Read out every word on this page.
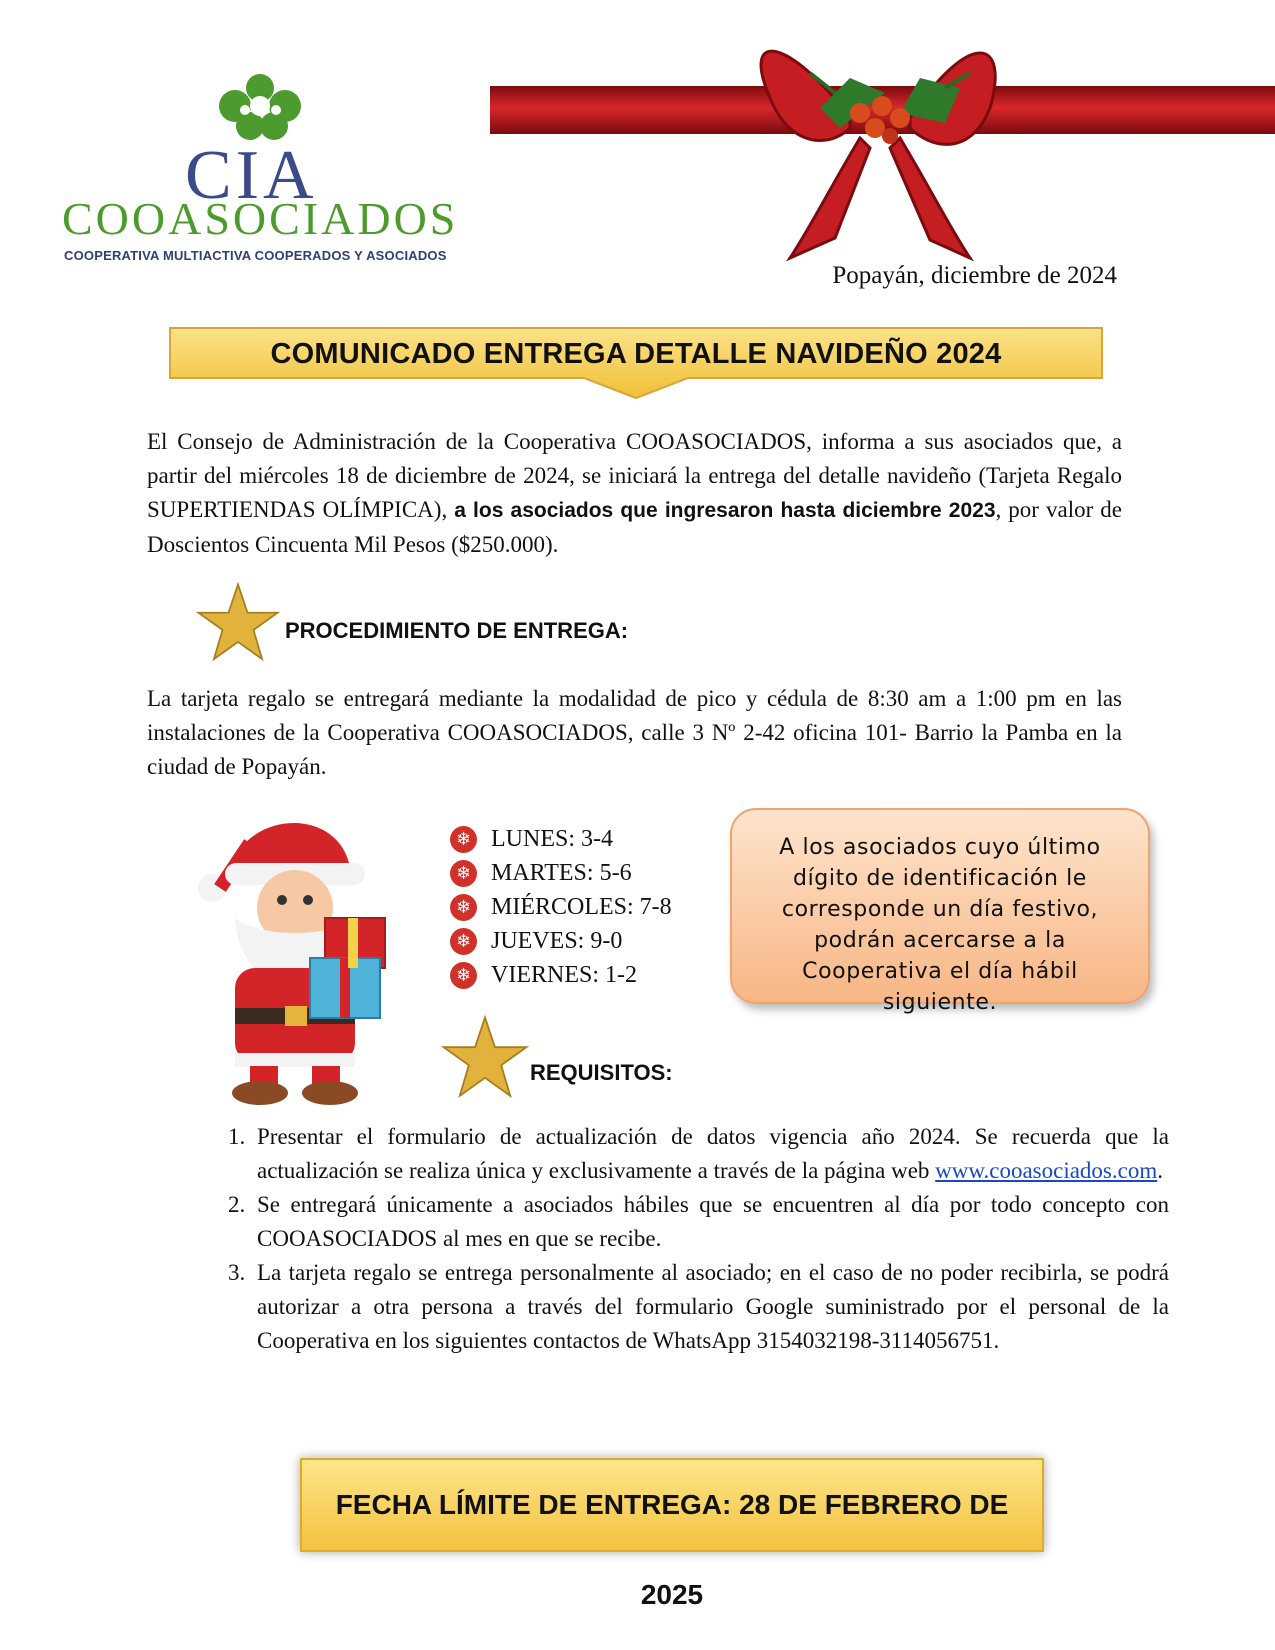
CIA
COOASOCIADOS
COOPERATIVA MULTIACTIVA COOPERADOS Y ASOCIADOS
Popayán, diciembre de 2024
COMUNICADO ENTREGA DETALLE NAVIDEÑO 2024
El Consejo de Administración de la Cooperativa COOASOCIADOS, informa a sus asociados que, a partir del miércoles 18 de diciembre de 2024, se iniciará la entrega del detalle navideño (Tarjeta Regalo SUPERTIENDAS OLÍMPICA), a los asociados que ingresaron hasta diciembre 2023, por valor de Doscientos Cincuenta Mil Pesos ($250.000).
PROCEDIMIENTO DE ENTREGA:
La tarjeta regalo se entregará mediante la modalidad de pico y cédula de 8:30 am a 1:00 pm en las instalaciones de la Cooperativa COOASOCIADOS, calle 3 Nº 2-42 oficina 101- Barrio la Pamba en la ciudad de Popayán.
❄ LUNES: 3-4
❄ MARTES: 5-6
❄ MIÉRCOLES: 7-8
❄ JUEVES: 9-0
❄ VIERNES: 1-2
A los asociados cuyo último dígito de identificación le corresponde un día festivo, podrán acercarse a la Cooperativa el día hábil siguiente.
REQUISITOS:
1. Presentar el formulario de actualización de datos vigencia año 2024. Se recuerda que la actualización se realiza única y exclusivamente a través de la página web www.cooasociados.com.
2. Se entregará únicamente a asociados hábiles que se encuentren al día por todo concepto con COOASOCIADOS al mes en que se recibe.
3. La tarjeta regalo se entrega personalmente al asociado; en el caso de no poder recibirla, se podrá autorizar a otra persona a través del formulario Google suministrado por el personal de la Cooperativa en los siguientes contactos de WhatsApp 3154032198-3114056751.
FECHA LÍMITE DE ENTREGA: 28 DE FEBRERO DE 2025
